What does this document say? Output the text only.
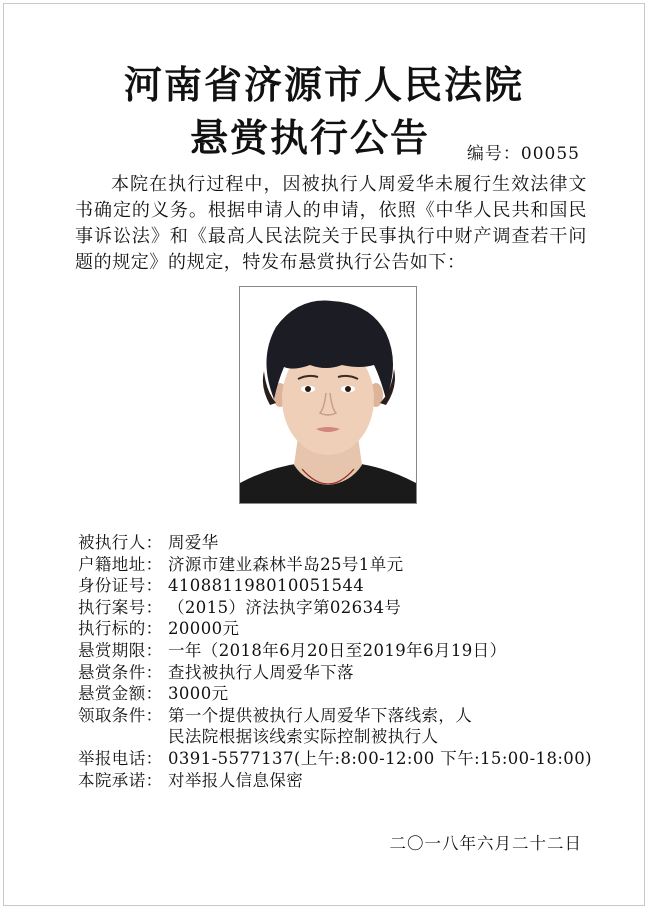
河南省济源市人民法院
悬赏执行公告	编号：00055
本院在执行过程中，因被执行人周爱华未履行生效法律文书确定的义务。根据申请人的申请，依照《中华人民共和国民事诉讼法》和《最高人民法院关于民事执行中财产调查若干问题的规定》的规定，特发布悬赏执行公告如下：
被执行人： 周爱华
户籍地址： 济源市建业森林半岛25号1单元
身份证号： 410881198010051544
执行案号： （2015）济法执字第02634号
执行标的： 20000元
悬赏期限： 一年（2018年6月20日至2019年6月19日）
悬赏条件： 查找被执行人周爱华下落
悬赏金额： 3000元
领取条件： 第一个提供被执行人周爱华下落线索，人
民法院根据该线索实际控制被执行人
举报电话： 0391-5577137(上午:8:00-12:00 下午:15:00-18:00)
本院承诺： 对举报人信息保密
二〇一八年六月二十二日
